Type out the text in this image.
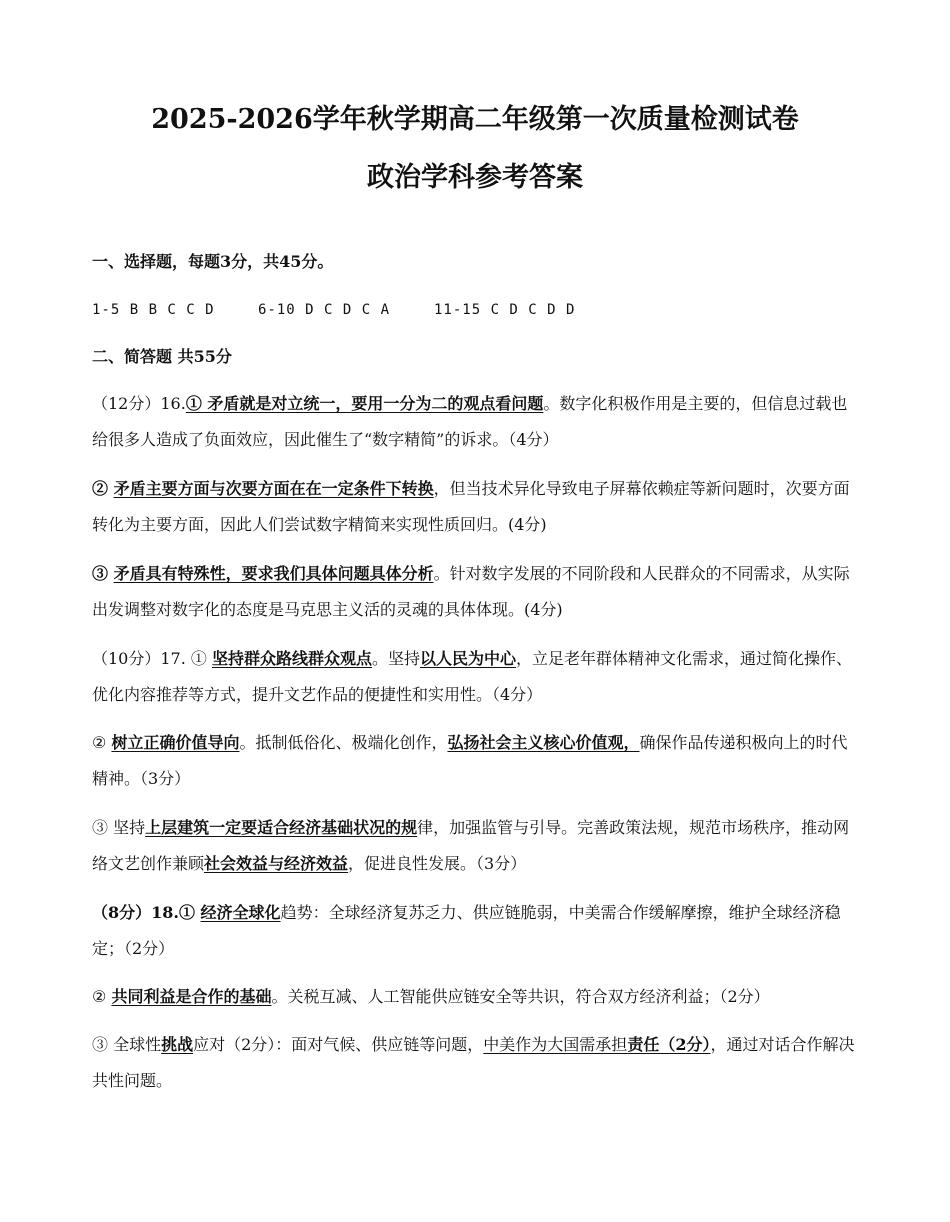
2025-2026学年秋学期高二年级第一次质量检测试卷
政治学科参考答案
一、选择题，每题3分，共45分。
1-5 B B C C D	6-10 D C D C A	11-15 C D C D D
二、简答题 共55分
（12分）16.① 矛盾就是对立统一，要用一分为二的观点看问题。数字化积极作用是主要的，但信息过载也给很多人造成了负面效应，因此催生了“数字精简”的诉求。（4分）
② 矛盾主要方面与次要方面在在一定条件下转换，但当技术异化导致电子屏幕依赖症等新问题时，次要方面转化为主要方面，因此人们尝试数字精简来实现性质回归。(4分)
③ 矛盾具有特殊性，要求我们具体问题具体分析。针对数字发展的不同阶段和人民群众的不同需求，从实际出发调整对数字化的态度是马克思主义活的灵魂的具体体现。(4分)
（10分）17. ① 坚持群众路线群众观点。坚持以人民为中心，立足老年群体精神文化需求，通过简化操作、优化内容推荐等方式，提升文艺作品的便捷性和实用性。（4分）
② 树立正确价值导向。抵制低俗化、极端化创作，弘扬社会主义核心价值观，确保作品传递积极向上的时代精神。（3分）
③ 坚持上层建筑一定要适合经济基础状况的规律，加强监管与引导。完善政策法规，规范市场秩序，推动网络文艺创作兼顾社会效益与经济效益，促进良性发展。（3分）
（8分）18.① 经济全球化趋势：全球经济复苏乏力、供应链脆弱，中美需合作缓解摩擦，维护全球经济稳定；（2分）
② 共同利益是合作的基础。关税互减、人工智能供应链安全等共识，符合双方经济利益；（2分）
③ 全球性挑战应对（2分）：面对气候、供应链等问题，中美作为大国需承担责任（2分），通过对话合作解决共性问题。
